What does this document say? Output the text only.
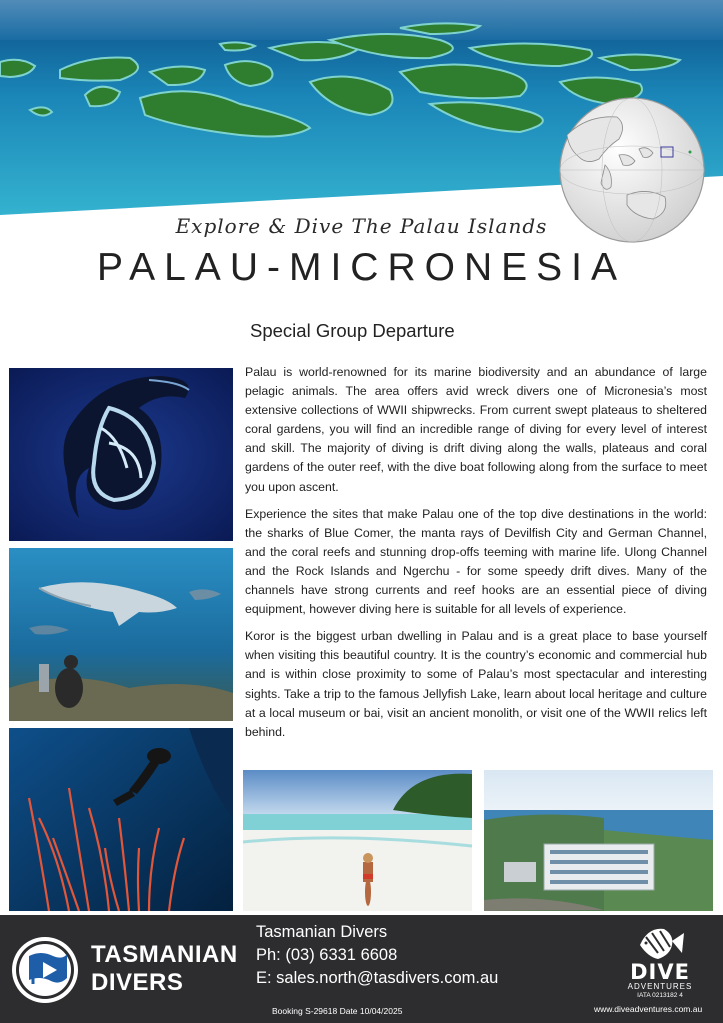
Explore & Dive The Palau Islands
PALAU-MICRONESIA
Special Group Departure

Palau is world-renowned for its marine biodiversity and an abundance of large pelagic animals. The area offers avid wreck divers one of Micronesia’s most extensive collections of WWII shipwrecks. From current swept plateaus to sheltered coral gardens, you will find an incredible range of diving for every level of interest and skill. The majority of diving is drift diving along the walls, plateaus and coral gardens of the outer reef, with the dive boat following along from the surface to meet you upon ascent.

Experience the sites that make Palau one of the top dive destinations in the world: the sharks of Blue Comer, the manta rays of Devilfish City and German Channel, and the coral reefs and stunning drop-offs teeming with marine life. Ulong Channel and the Rock Islands and Ngerchu - for some speedy drift dives. Many of the channels have strong currents and reef hooks are an essential piece of diving equipment, however diving here is suitable for all levels of experience.

Koror is the biggest urban dwelling in Palau and is a great place to base yourself when visiting this beautiful country. It is the country’s economic and commercial hub and is within close proximity to some of Palau’s most spectacular and interesting sights. Take a trip to the famous Jellyfish Lake, learn about local heritage and culture at a local museum or bai, visit an ancient monolith, or visit one of the WWII relics left behind.

TASMANIAN
DIVERS
Tasmanian Divers
Ph: (03) 6331 6608
E: sales.north@tasdivers.com.au
Booking S-29618 Date 10/04/2025
DIVE
ADVENTURES
IATA 0213182 4
www.diveadventures.com.au
